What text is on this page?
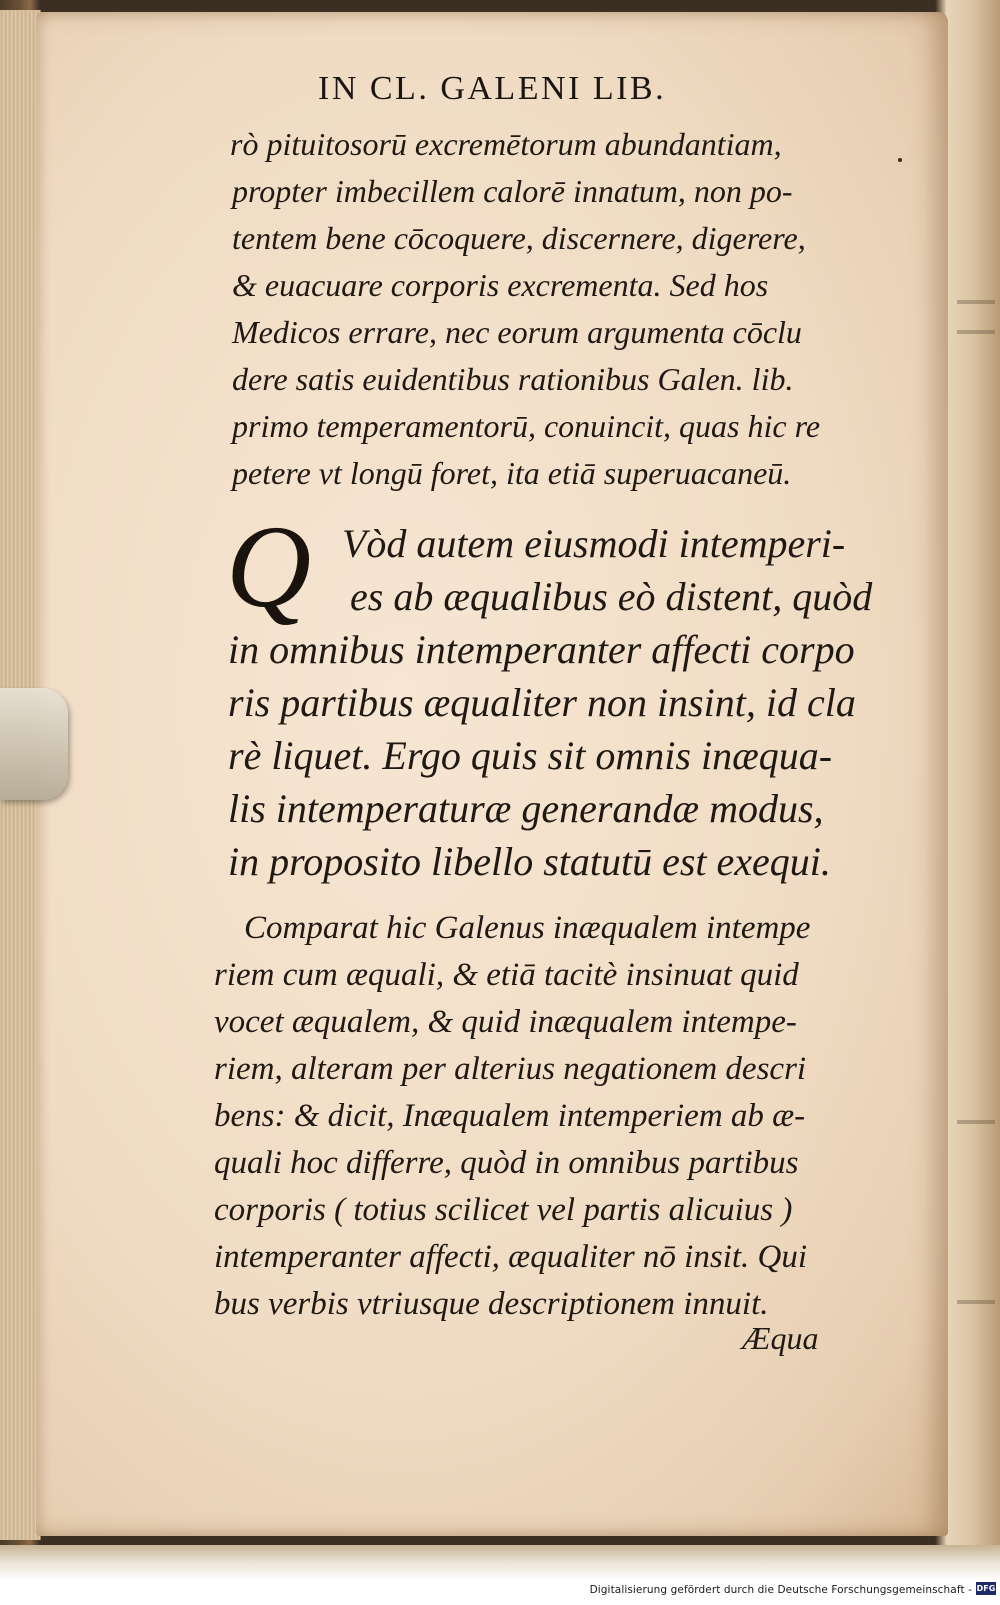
IN CL. GALENI LIB.
rò pituitosorū excremētorum abundantiam,
propter imbecillem calorē innatum, non po-
tentem bene cōcoquere, discernere, digerere,
& euacuare corporis excrementa. Sed hos
Medicos errare, nec eorum argumenta cōclu
dere satis euidentibus rationibus Galen. lib.
primo temperamentorū, conuincit, quas hic re
petere vt longū foret, ita etiā superuacaneū.
Q Vòd autem eiusmodi intemperi-
es ab æqualibus eò distent, quòd
in omnibus intemperanter affecti corpo
ris partibus æqualiter non insint, id cla
rè liquet. Ergo quis sit omnis inæqua-
lis intemperaturæ generandæ modus,
in proposito libello statutū est exequi.
Comparat hic Galenus inæqualem intempe
riem cum æquali, & etiā tacitè insinuat quid
vocet æqualem, & quid inæqualem intempe-
riem, alteram per alterius negationem descri
bens: & dicit, Inæqualem intemperiem ab æ-
quali hoc differre, quòd in omnibus partibus
corporis ( totius scilicet vel partis alicuius )
intemperanter affecti, æqualiter nō insit. Qui
bus verbis vtriusque descriptionem innuit.
Æqua
Digitalisierung gefördert durch die Deutsche Forschungsgemeinschaft - DFG
